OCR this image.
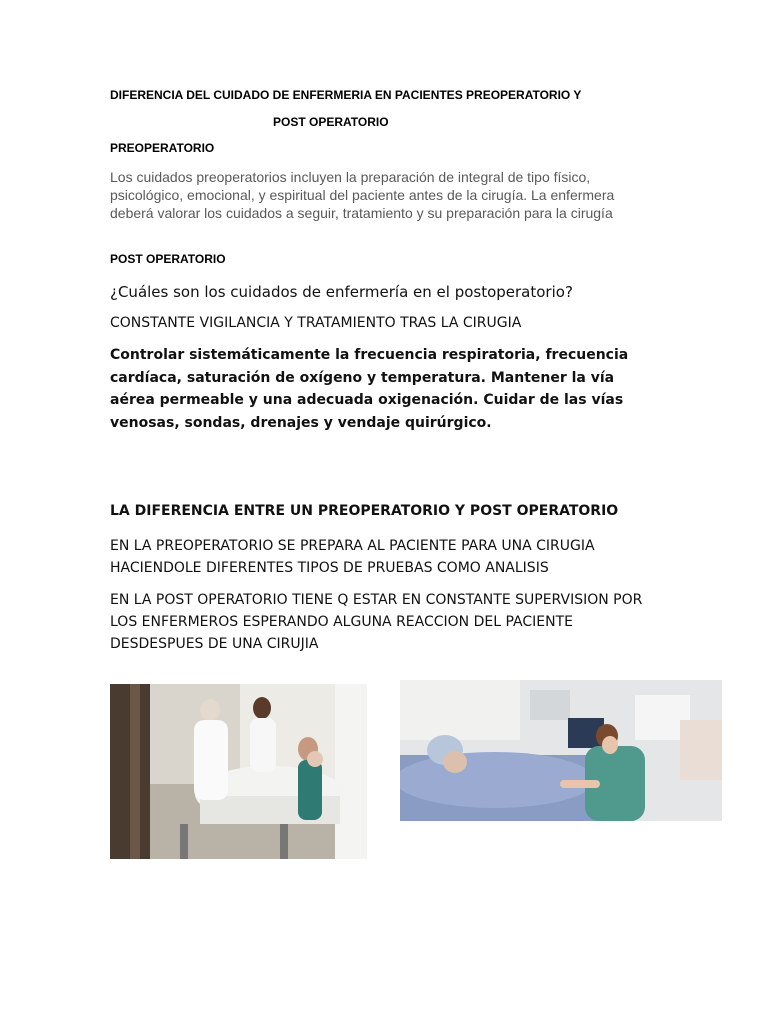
DIFERENCIA DEL CUIDADO DE ENFERMERIA EN PACIENTES PREOPERATORIO Y

POST OPERATORIO

PREOPERATORIO

Los cuidados preoperatorios incluyen la preparación de integral de tipo físico, psicológico, emocional, y espiritual del paciente antes de la cirugía. La enfermera deberá valorar los cuidados a seguir, tratamiento y su preparación para la cirugía

POST OPERATORIO

¿Cuáles son los cuidados de enfermería en el postoperatorio?

CONSTANTE VIGILANCIA Y TRATAMIENTO TRAS LA CIRUGIA

Controlar sistemáticamente la frecuencia respiratoria, frecuencia cardíaca, saturación de oxígeno y temperatura. Mantener la vía aérea permeable y una adecuada oxigenación. Cuidar de las vías venosas, sondas, drenajes y vendaje quirúrgico.

LA DIFERENCIA ENTRE UN PREOPERATORIO Y POST OPERATORIO

EN LA PREOPERATORIO SE PREPARA AL PACIENTE PARA UNA CIRUGIA HACIENDOLE DIFERENTES TIPOS DE PRUEBAS COMO ANALISIS

EN LA POST OPERATORIO TIENE Q ESTAR EN CONSTANTE SUPERVISION POR LOS ENFERMEROS ESPERANDO ALGUNA REACCION DEL PACIENTE DESDESPUES DE UNA CIRUJIA
